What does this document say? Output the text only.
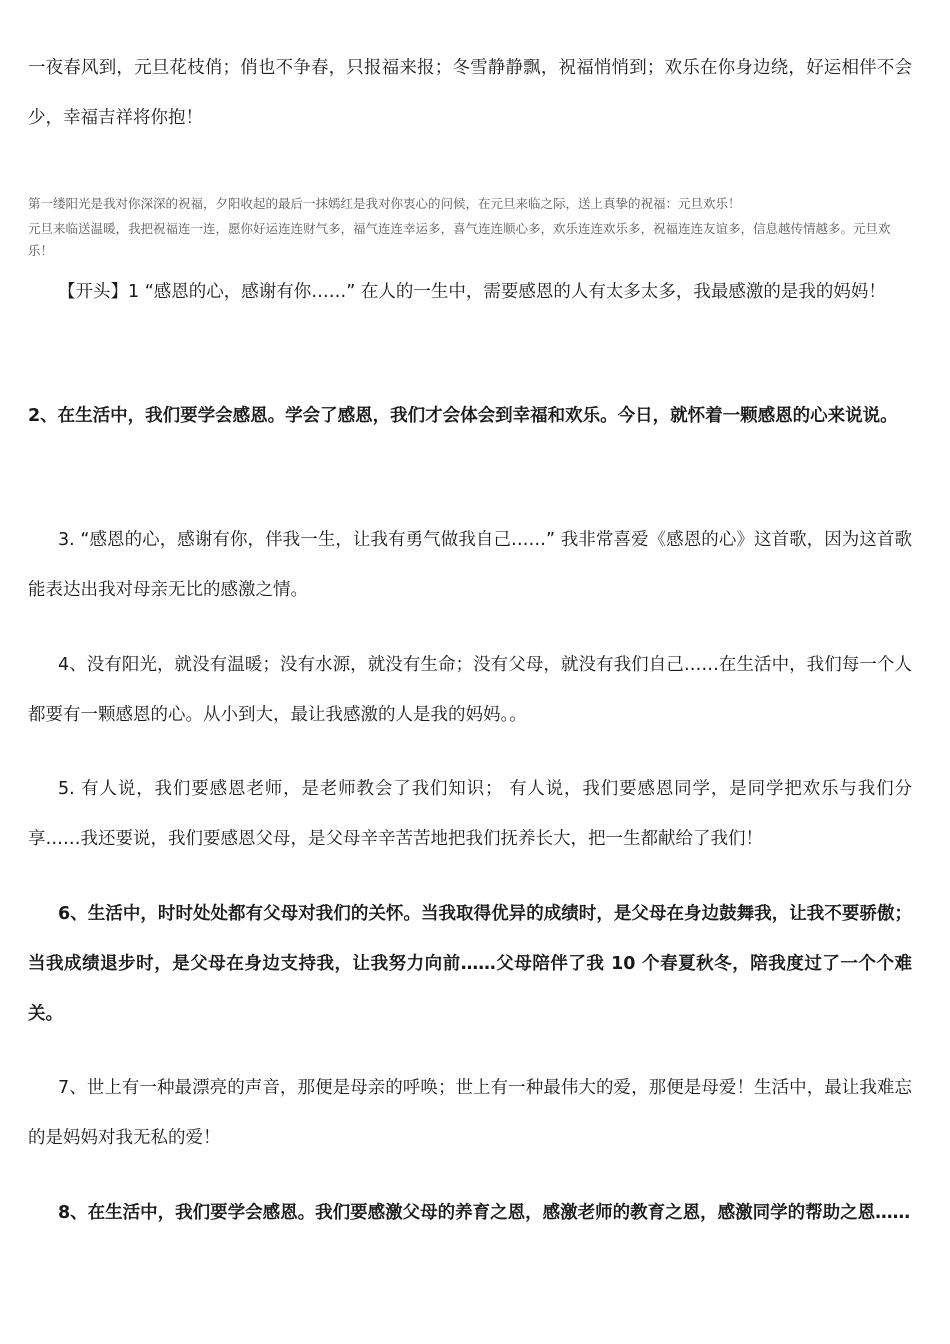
一夜春风到，元旦花枝俏；俏也不争春，只报福来报；冬雪静静飘，祝福悄悄到；欢乐在你身边绕，好运相伴不会少，幸福吉祥将你抱！

第一缕阳光是我对你深深的祝福，夕阳收起的最后一抹嫣红是我对你衷心的问候，在元旦来临之际，送上真挚的祝福：元旦欢乐！

元旦来临送温暖，我把祝福连一连，愿你好运连连财气多，福气连连幸运多，喜气连连顺心多，欢乐连连欢乐多，祝福连连友谊多，信息越传情越多。元旦欢乐！

【开头】1 “感恩的心，感谢有你……” 在人的一生中，需要感恩的人有太多太多，我最感激的是我的妈妈！

2、在生活中，我们要学会感恩。学会了感恩，我们才会体会到幸福和欢乐。今日，就怀着一颗感恩的心来说说。

3. “感恩的心，感谢有你，伴我一生，让我有勇气做我自己……” 我非常喜爱《感恩的心》这首歌，因为这首歌能表达出我对母亲无比的感激之情。

4、没有阳光，就没有温暖；没有水源，就没有生命；没有父母，就没有我们自己……在生活中，我们每一个人都要有一颗感恩的心。从小到大，最让我感激的人是我的妈妈。。

5. 有人说，我们要感恩老师，是老师教会了我们知识； 有人说，我们要感恩同学，是同学把欢乐与我们分享……我还要说，我们要感恩父母，是父母辛辛苦苦地把我们抚养长大，把一生都献给了我们！

6、生活中，时时处处都有父母对我们的关怀。当我取得优异的成绩时，是父母在身边鼓舞我，让我不要骄傲；当我成绩退步时，是父母在身边支持我，让我努力向前……父母陪伴了我 10 个春夏秋冬，陪我度过了一个个难关。

7、世上有一种最漂亮的声音，那便是母亲的呼唤；世上有一种最伟大的爱，那便是母爱！生活中，最让我难忘的是妈妈对我无私的爱！

8、在生活中，我们要学会感恩。我们要感激父母的养育之恩，感激老师的教育之恩，感激同学的帮助之恩……
